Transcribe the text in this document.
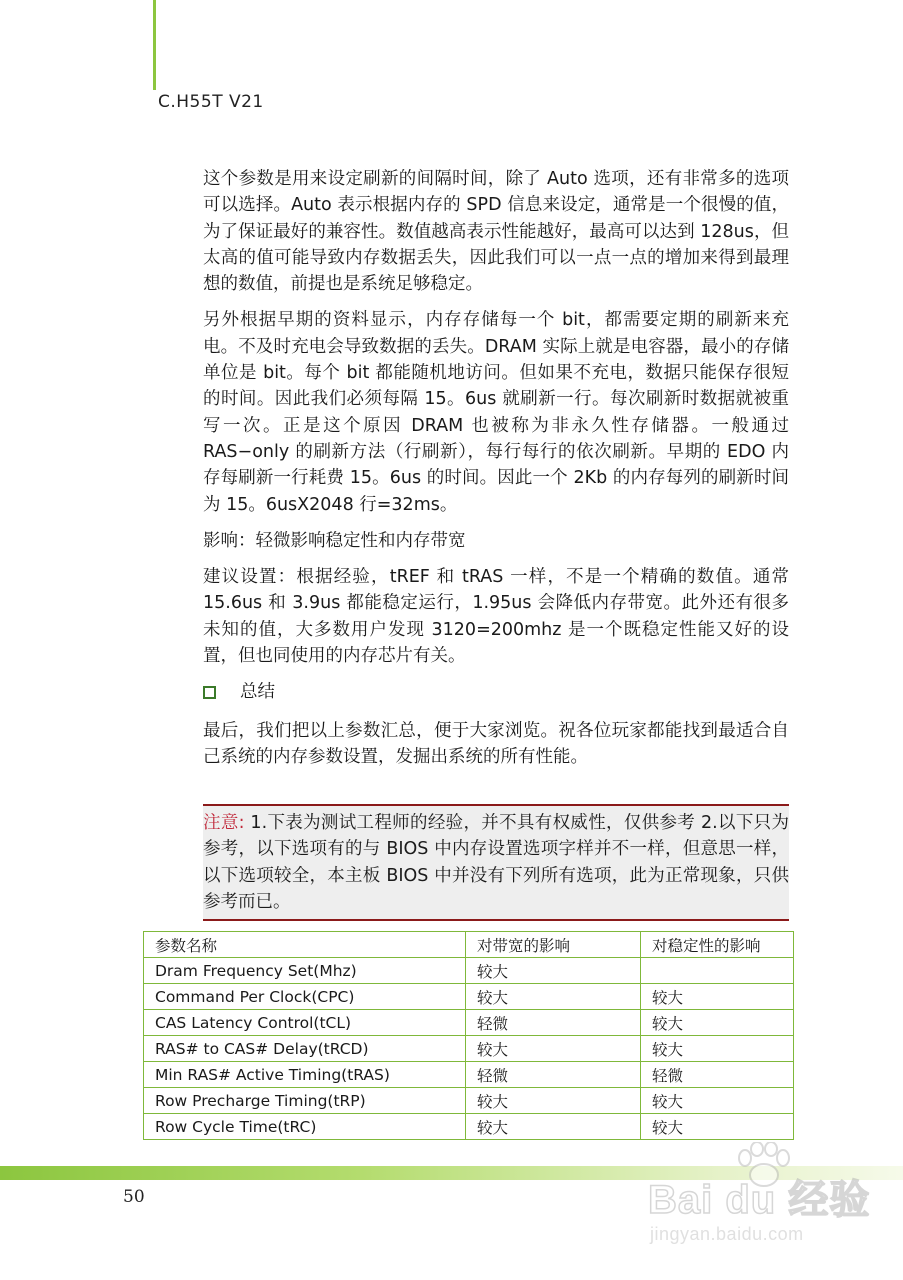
C.H55T V21

这个参数是用来设定刷新的间隔时间，除了 Auto 选项，还有非常多的选项可以选择。Auto 表示根据内存的 SPD 信息来设定，通常是一个很慢的值，为了保证最好的兼容性。数值越高表示性能越好，最高可以达到 128us，但太高的值可能导致内存数据丢失，因此我们可以一点一点的增加来得到最理想的数值，前提也是系统足够稳定。

另外根据早期的资料显示，内存存储每一个 bit，都需要定期的刷新来充电。不及时充电会导致数据的丢失。DRAM 实际上就是电容器，最小的存储单位是 bit。每个 bit 都能随机地访问。但如果不充电，数据只能保存很短的时间。因此我们必须每隔 15。6us 就刷新一行。每次刷新时数据就被重写一次。正是这个原因 DRAM 也被称为非永久性存储器。一般通过 RAS−only 的刷新方法（行刷新），每行每行的依次刷新。早期的 EDO 内存每刷新一行耗费 15。6us 的时间。因此一个 2Kb 的内存每列的刷新时间为 15。6usX2048 行=32ms。

影响：轻微影响稳定性和内存带宽

建议设置：根据经验，tREF 和 tRAS 一样，不是一个精确的数值。通常 15.6us 和 3.9us 都能稳定运行，1.95us 会降低内存带宽。此外还有很多未知的值，大多数用户发现 3120=200mhz 是一个既稳定性能又好的设置，但也同使用的内存芯片有关。

总结

最后，我们把以上参数汇总，便于大家浏览。祝各位玩家都能找到最适合自己系统的内存参数设置，发掘出系统的所有性能。

注意: 1.下表为测试工程师的经验，并不具有权威性，仅供参考 2.以下只为参考，以下选项有的与 BIOS 中内存设置选项字样并不一样，但意思一样，以下选项较全，本主板 BIOS 中并没有下列所有选项，此为正常现象，只供参考而已。
参数名称	对带宽的影响	对稳定性的影响
Dram Frequency Set(Mhz)	较大	
Command Per Clock(CPC)	较大	较大
CAS Latency Control(tCL)	轻微	较大
RAS# to CAS# Delay(tRCD)	较大	较大
Min RAS# Active Timing(tRAS)	轻微	轻微
Row Precharge Timing(tRP)	较大	较大
Row Cycle Time(tRC)	较大	较大
50	Bai du 经验
jingyan.baidu.com
